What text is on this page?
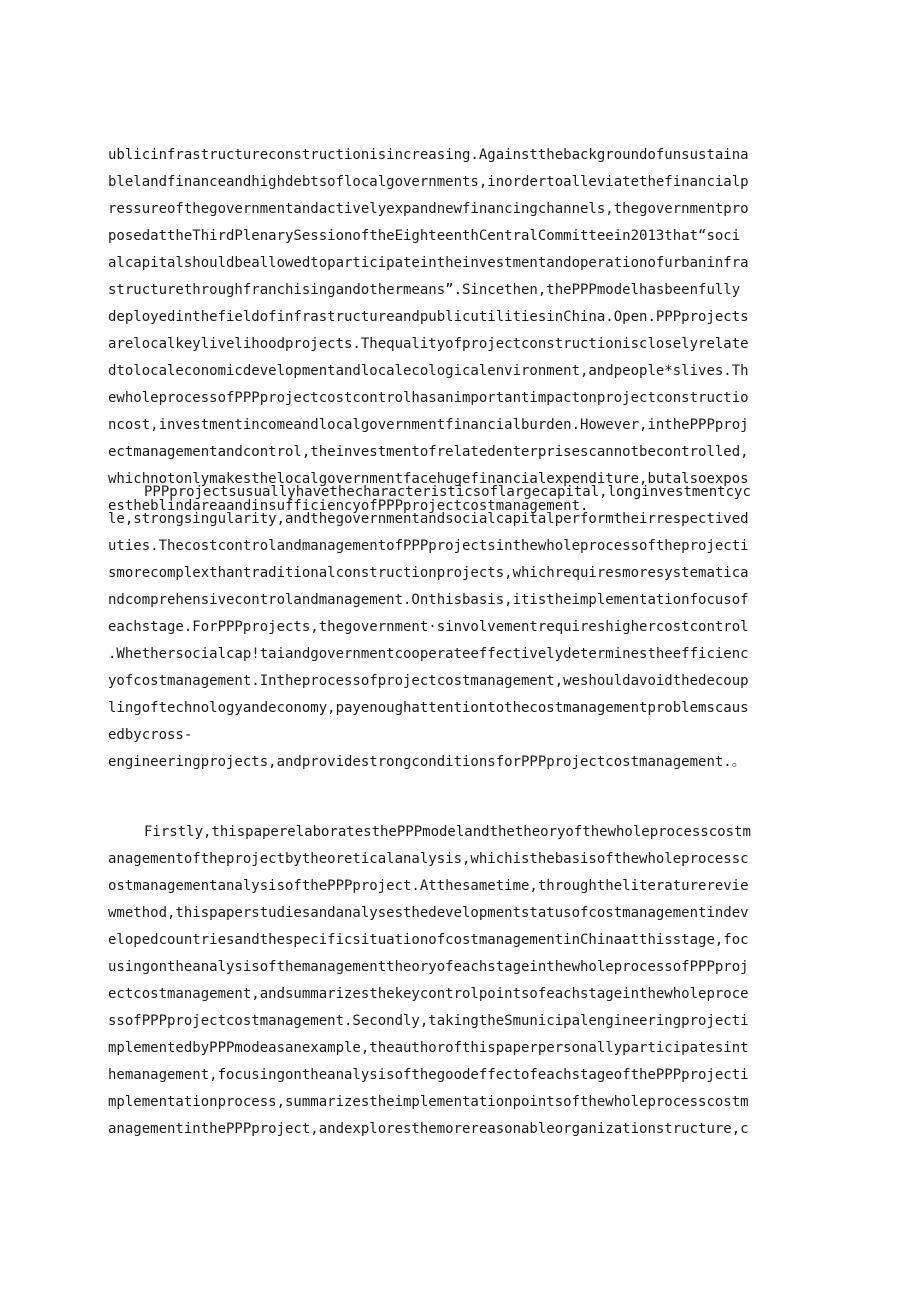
ublicinfrastructureconstructionisincreasing.Againstthebackgroundofunsustaina
blelandfinanceandhighdebtsoflocalgovernments,inordertoalleviatethefinancialp
ressureofthegovernmentandactivelyexpandnewfinancingchannels,thegovernmentpro
posedattheThirdPlenarySessionoftheEighteenthCentralCommitteein2013that“soci
alcapitalshouldbeallowedtoparticipateintheinvestmentandoperationofurbaninfra
structurethroughfranchisingandothermeans”.Sincethen,thePPPmodelhasbeenfully
deployedinthefieldofinfrastructureandpublicutilitiesinChina.Open.PPPprojects
arelocalkeylivelihoodprojects.Thequalityofprojectconstructioniscloselyrelate
dtolocaleconomicdevelopmentandlocalecologicalenvironment,andpeople*slives.Th
ewholeprocessofPPPprojectcostcontrolhasanimportantimpactonprojectconstructio
ncost,investmentincomeandlocalgovernmentfinancialburden.However,inthePPPproj
ectmanagementandcontrol,theinvestmentofrelatedenterprisescannotbecontrolled,
whichnotonlymakesthelocalgovernmentfacehugefinancialexpenditure,butalsoexpos
estheblindareaandinsufficiencyofPPPprojectcostmanagement.
PPPprojectsusuallyhavethecharacteristicsoflargecapital,longinvestmentcyc
le,strongsingularity,andthegovernmentandsocialcapitalperformtheirrespectived
uties.ThecostcontrolandmanagementofPPPprojectsinthewholeprocessoftheprojecti
smorecomplexthantraditionalconstructionprojects,whichrequiresmoresystematica
ndcomprehensivecontrolandmanagement.Onthisbasis,itistheimplementationfocusof
eachstage.ForPPPprojects,thegovernment·sinvolvementrequireshighercostcontrol
.Whethersocialcap!taiandgovernmentcooperateeffectivelydeterminestheefficienc
yofcostmanagement.Intheprocessofprojectcostmanagement,weshouldavoidthedecoup
lingoftechnologyandeconomy,payenoughattentiontothecostmanagementproblemscaus
edbycross-
engineeringprojects,andprovidestrongconditionsforPPPprojectcostmanagement.。
Firstly,thispaperelaboratesthePPPmodelandthetheoryofthewholeprocesscostm
anagementoftheprojectbytheoreticalanalysis,whichisthebasisofthewholeprocessc
ostmanagementanalysisofthePPPproject.Atthesametime,throughtheliteraturerevie
wmethod,thispaperstudiesandanalysesthedevelopmentstatusofcostmanagementindev
elopedcountriesandthespecificsituationofcostmanagementinChinaatthisstage,foc
usingontheanalysisofthemanagementtheoryofeachstageinthewholeprocessofPPPproj
ectcostmanagement,andsummarizesthekeycontrolpointsofeachstageinthewholeproce
ssofPPPprojectcostmanagement.Secondly,takingtheSmunicipalengineeringprojecti
mplementedbyPPPmodeasanexample,theauthorofthispaperpersonallyparticipatesint
hemanagement,focusingontheanalysisofthegoodeffectofeachstageofthePPPprojecti
mplementationprocess,summarizestheimplementationpointsofthewholeprocesscostm
anagementinthePPPproject,andexploresthemorereasonableorganizationstructure,c
